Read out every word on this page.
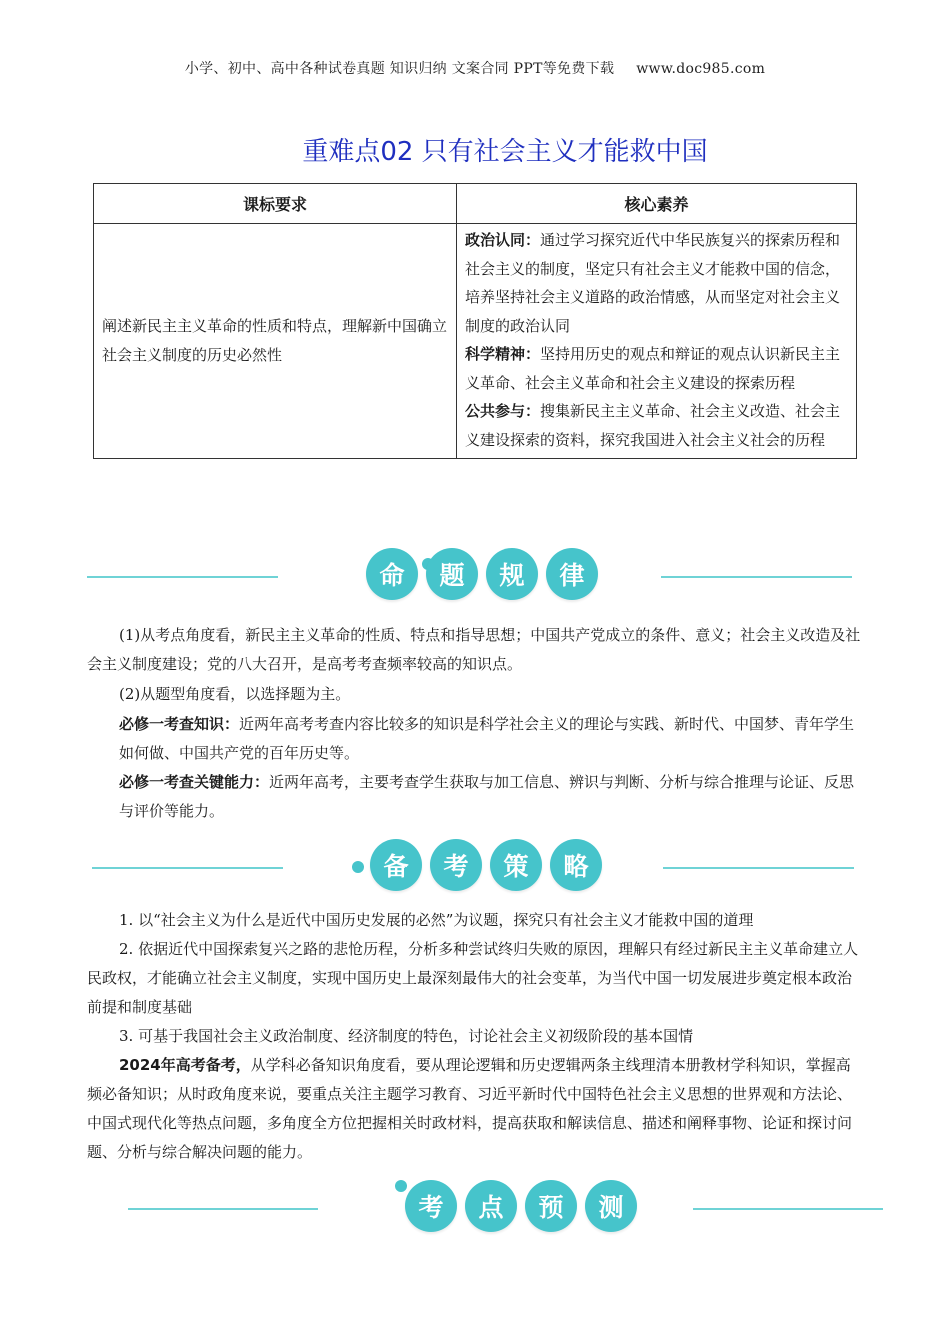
小学、初中、高中各种试卷真题 知识归纳 文案合同 PPT等免费下载 www.doc985.com
重难点02 只有社会主义才能救中国
课标要求	核心素养
阐述新民主主义革命的性质和特点，理解新中国确立社会主义制度的历史必然性	政治认同：通过学习探究近代中华民族复兴的探索历程和社会主义的制度，坚定只有社会主义才能救中国的信念，培养坚持社会主义道路的政治情感，从而坚定对社会主义制度的政治认同
科学精神：坚持用历史的观点和辩证的观点认识新民主主义革命、社会主义革命和社会主义建设的探索历程
公共参与：搜集新民主主义革命、社会主义改造、社会主义建设探索的资料，探究我国进入社会主义社会的历程
命	题	规	律

(1)从考点角度看，新民主主义革命的性质、特点和指导思想；中国共产党成立的条件、意义；社会主义改造及社会主义制度建设；党的八大召开，是高考考查频率较高的知识点。

(2)从题型角度看，以选择题为主。

必修一考查知识：近两年高考考查内容比较多的知识是科学社会主义的理论与实践、新时代、中国梦、青年学生如何做、中国共产党的百年历史等。

必修一考查关键能力：近两年高考，主要考查学生获取与加工信息、辨识与判断、分析与综合推理与论证、反思与评价等能力。

备	考	策	略

1. 以“社会主义为什么是近代中国历史发展的必然”为议题，探究只有社会主义才能救中国的道理

2. 依据近代中国探索复兴之路的悲怆历程，分析多种尝试终归失败的原因，理解只有经过新民主主义革命建立人民政权，才能确立社会主义制度，实现中国历史上最深刻最伟大的社会变革，为当代中国一切发展进步奠定根本政治前提和制度基础

3. 可基于我国社会主义政治制度、经济制度的特色，讨论社会主义初级阶段的基本国情

2024年高考备考，从学科必备知识角度看，要从理论逻辑和历史逻辑两条主线理清本册教材学科知识，掌握高频必备知识；从时政角度来说，要重点关注主题学习教育、习近平新时代中国特色社会主义思想的世界观和方法论、中国式现代化等热点问题，多角度全方位把握相关时政材料，提高获取和解读信息、描述和阐释事物、论证和探讨问题、分析与综合解决问题的能力。

考	点	预	测
